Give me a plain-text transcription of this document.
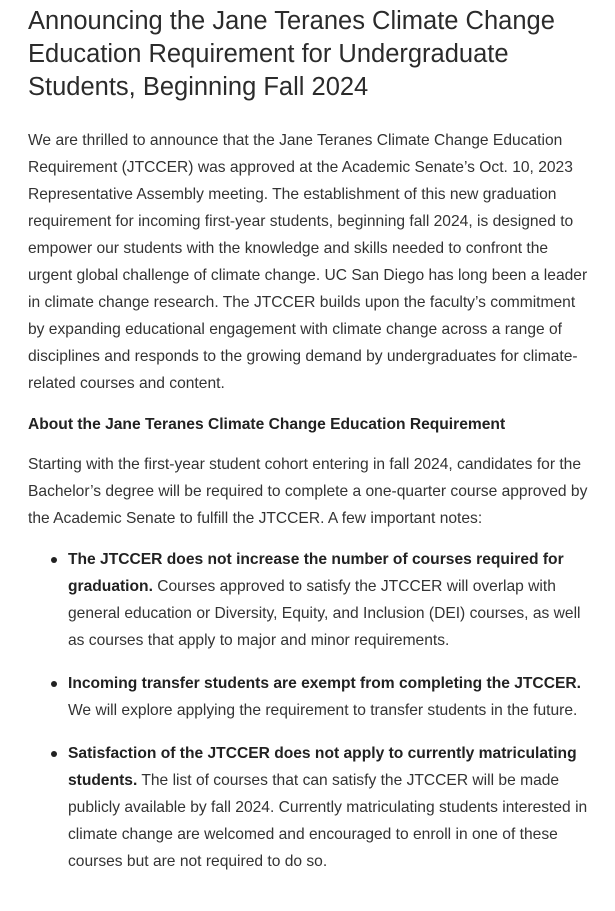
Announcing the Jane Teranes Climate Change Education Requirement for Undergraduate Students, Beginning Fall 2024

We are thrilled to announce that the Jane Teranes Climate Change Education Requirement (JTCCER) was approved at the Academic Senate’s Oct. 10, 2023 Representative Assembly meeting. The establishment of this new graduation requirement for incoming first-year students, beginning fall 2024, is designed to empower our students with the knowledge and skills needed to confront the urgent global challenge of climate change. UC San Diego has long been a leader in climate change research. The JTCCER builds upon the faculty’s commitment by expanding educational engagement with climate change across a range of disciplines and responds to the growing demand by undergraduates for climate-related courses and content.

About the Jane Teranes Climate Change Education Requirement

Starting with the first-year student cohort entering in fall 2024, candidates for the Bachelor’s degree will be required to complete a one-quarter course approved by the Academic Senate to fulfill the JTCCER. A few important notes:

The JTCCER does not increase the number of courses required for graduation. Courses approved to satisfy the JTCCER will overlap with general education or Diversity, Equity, and Inclusion (DEI) courses, as well as courses that apply to major and minor requirements.
Incoming transfer students are exempt from completing the JTCCER. We will explore applying the requirement to transfer students in the future.
Satisfaction of the JTCCER does not apply to currently matriculating students. The list of courses that can satisfy the JTCCER will be made publicly available by fall 2024. Currently matriculating students interested in climate change are welcomed and encouraged to enroll in one of these courses but are not required to do so.
